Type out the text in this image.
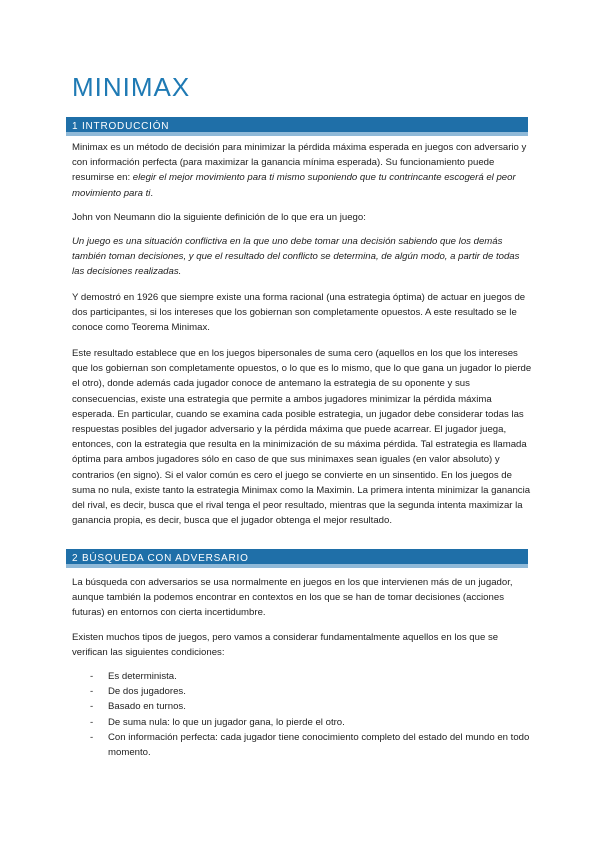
MINIMAX
1 INTRODUCCIÓN
Minimax es un método de decisión para minimizar la pérdida máxima esperada en juegos con adversario y con información perfecta (para maximizar la ganancia mínima esperada). Su funcionamiento puede resumirse en: elegir el mejor movimiento para ti mismo suponiendo que tu contrincante escogerá el peor movimiento para ti.
John von Neumann dio la siguiente definición de lo que era un juego:
Un juego es una situación conflictiva en la que uno debe tomar una decisión sabiendo que los demás también toman decisiones, y que el resultado del conflicto se determina, de algún modo, a partir de todas las decisiones realizadas.
Y demostró en 1926 que siempre existe una forma racional (una estrategia óptima) de actuar en juegos de dos participantes, si los intereses que los gobiernan son completamente opuestos. A este resultado se le conoce como Teorema Minimax.
Este resultado establece que en los juegos bipersonales de suma cero (aquellos en los que los intereses que los gobiernan son completamente opuestos, o lo que es lo mismo, que lo que gana un jugador lo pierde el otro), donde además cada jugador conoce de antemano la estrategia de su oponente y sus consecuencias, existe una estrategia que permite a ambos jugadores minimizar la pérdida máxima esperada. En particular, cuando se examina cada posible estrategia, un jugador debe considerar todas las respuestas posibles del jugador adversario y la pérdida máxima que puede acarrear. El jugador juega, entonces, con la estrategia que resulta en la minimización de su máxima pérdida. Tal estrategia es llamada óptima para ambos jugadores sólo en caso de que sus minimaxes sean iguales (en valor absoluto) y contrarios (en signo). Si el valor común es cero el juego se convierte en un sinsentido. En los juegos de suma no nula, existe tanto la estrategia Minimax como la Maximin. La primera intenta minimizar la ganancia del rival, es decir, busca que el rival tenga el peor resultado, mientras que la segunda intenta maximizar la ganancia propia, es decir, busca que el jugador obtenga el mejor resultado.
2 BÚSQUEDA CON ADVERSARIO
La búsqueda con adversarios se usa normalmente en juegos en los que intervienen más de un jugador, aunque también la podemos encontrar en contextos en los que se han de tomar decisiones (acciones futuras) en entornos con cierta incertidumbre.
Existen muchos tipos de juegos, pero vamos a considerar fundamentalmente aquellos en los que se verifican las siguientes condiciones:
- Es determinista.
- De dos jugadores.
- Basado en turnos.
- De suma nula: lo que un jugador gana, lo pierde el otro.
- Con información perfecta: cada jugador tiene conocimiento completo del estado del mundo en todo momento.
